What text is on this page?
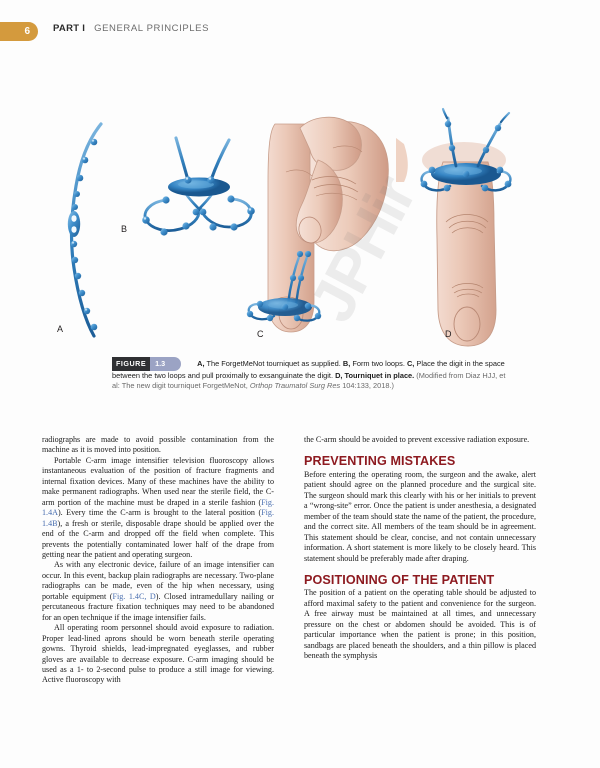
6	PART I GENERAL PRINCIPLES
A
B
C	D
JPHir
FIGURE 1.3	A, The ForgetMeNot tourniquet as supplied. B, Form two loops. C, Place the digit in the space between the two loops and pull proximally to exsanguinate the digit. D, Tourniquet in place. (Modified from Diaz HJJ, et al: The new digit tourniquet ForgetMeNot, Orthop Traumatol Surg Res 104:133, 2018.)

radiographs are made to avoid possible contamination from the machine as it is moved into position.

Portable C-arm image intensifier television fluoroscopy allows instantaneous evaluation of the position of fracture fragments and internal fixation devices. Many of these machines have the ability to make permanent radiographs. When used near the sterile field, the C-arm portion of the machine must be draped in a sterile fashion (Fig. 1.4A). Every time the C-arm is brought to the lateral position (Fig. 1.4B), a fresh or sterile, disposable drape should be applied over the end of the C-arm and dropped off the field when complete. This prevents the potentially contaminated lower half of the drape from getting near the patient and operating surgeon.

As with any electronic device, failure of an image intensifier can occur. In this event, backup plain radiographs are necessary. Two-plane radiographs can be made, even of the hip when necessary, using portable equipment (Fig. 1.4C, D). Closed intramedullary nailing or percutaneous fracture fixation techniques may need to be abandoned for an open technique if the image intensifier fails.

All operating room personnel should avoid exposure to radiation. Proper lead-lined aprons should be worn beneath sterile operating gowns. Thyroid shields, lead-impregnated eyeglasses, and rubber gloves are available to decrease exposure. C-arm imaging should be used as a 1- to 2-second pulse to produce a still image for viewing. Active fluoroscopy with

the C-arm should be avoided to prevent excessive radiation exposure.

PREVENTING MISTAKES

Before entering the operating room, the surgeon and the awake, alert patient should agree on the planned procedure and the surgical site. The surgeon should mark this clearly with his or her initials to prevent a “wrong-site” error. Once the patient is under anesthesia, a designated member of the team should state the name of the patient, the procedure, and the correct site. All members of the team should be in agreement. This statement should be clear, concise, and not contain unnecessary information. A short statement is more likely to be closely heard. This statement should be preferably made after draping.

POSITIONING OF THE PATIENT

The position of a patient on the operating table should be adjusted to afford maximal safety to the patient and convenience for the surgeon. A free airway must be maintained at all times, and unnecessary pressure on the chest or abdomen should be avoided. This is of particular importance when the patient is prone; in this position, sandbags are placed beneath the shoulders, and a thin pillow is placed beneath the symphysis
